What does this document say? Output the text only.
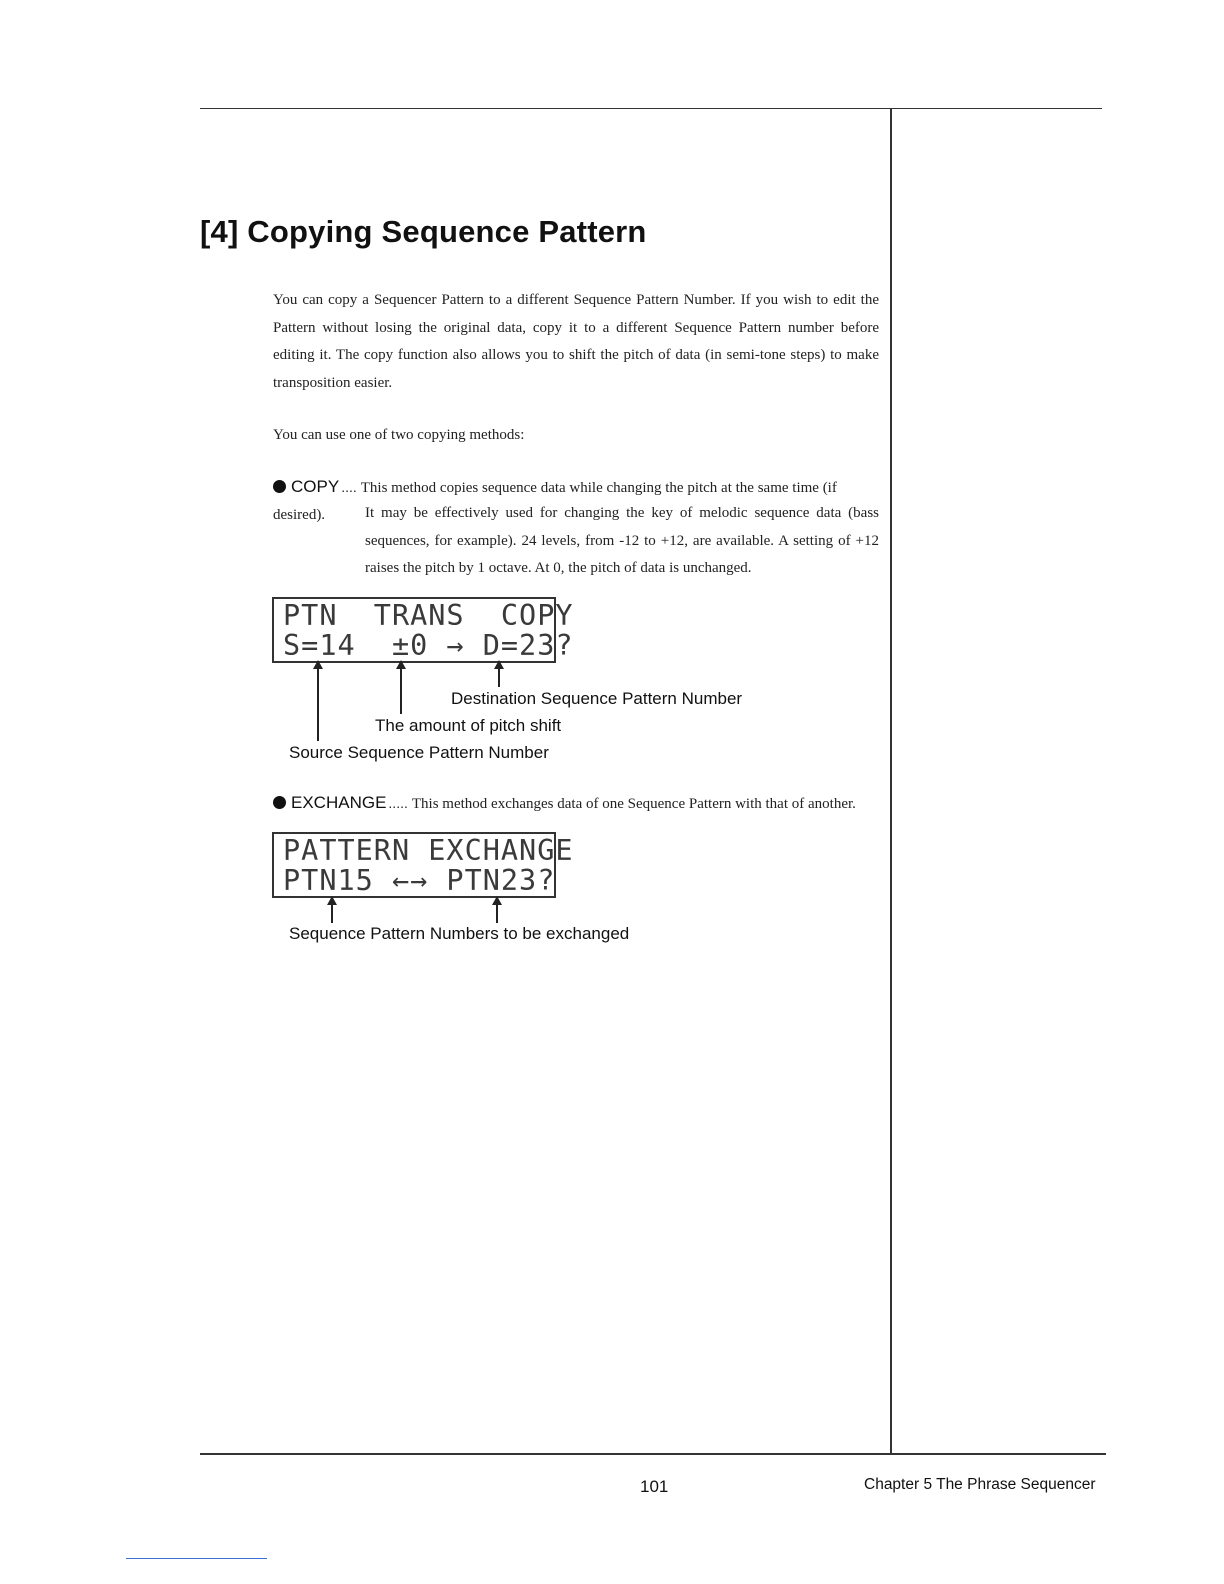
[4] Copying Sequence Pattern

You can copy a Sequencer Pattern to a different Sequence Pattern Number. If you wish to edit the Pattern without losing the original data, copy it to a different Sequence Pattern number before editing it. The copy function also allows you to shift the pitch of data (in semi-tone steps) to make transposition easier.

You can use one of two copying methods:

COPY .... This method copies sequence data while changing the pitch at the same time (if desired).	It may be effectively used for changing the key of melodic sequence data (bass sequences, for example). 24 levels, from -12 to +12, are available. A setting of +12 raises the pitch by 1 octave. At 0, the pitch of data is unchanged.

PTN  TRANS  COPY

S=14  ±0 → D=23?

Destination Sequence Pattern Number

The amount of pitch shift

Source Sequence Pattern Number

EXCHANGE ..... This method exchanges data of one Sequence Pattern with that of another.

PATTERN EXCHANGE

PTN15 ←→ PTN23?

Sequence Pattern Numbers to be exchanged

101	Chapter 5 The Phrase Sequencer
